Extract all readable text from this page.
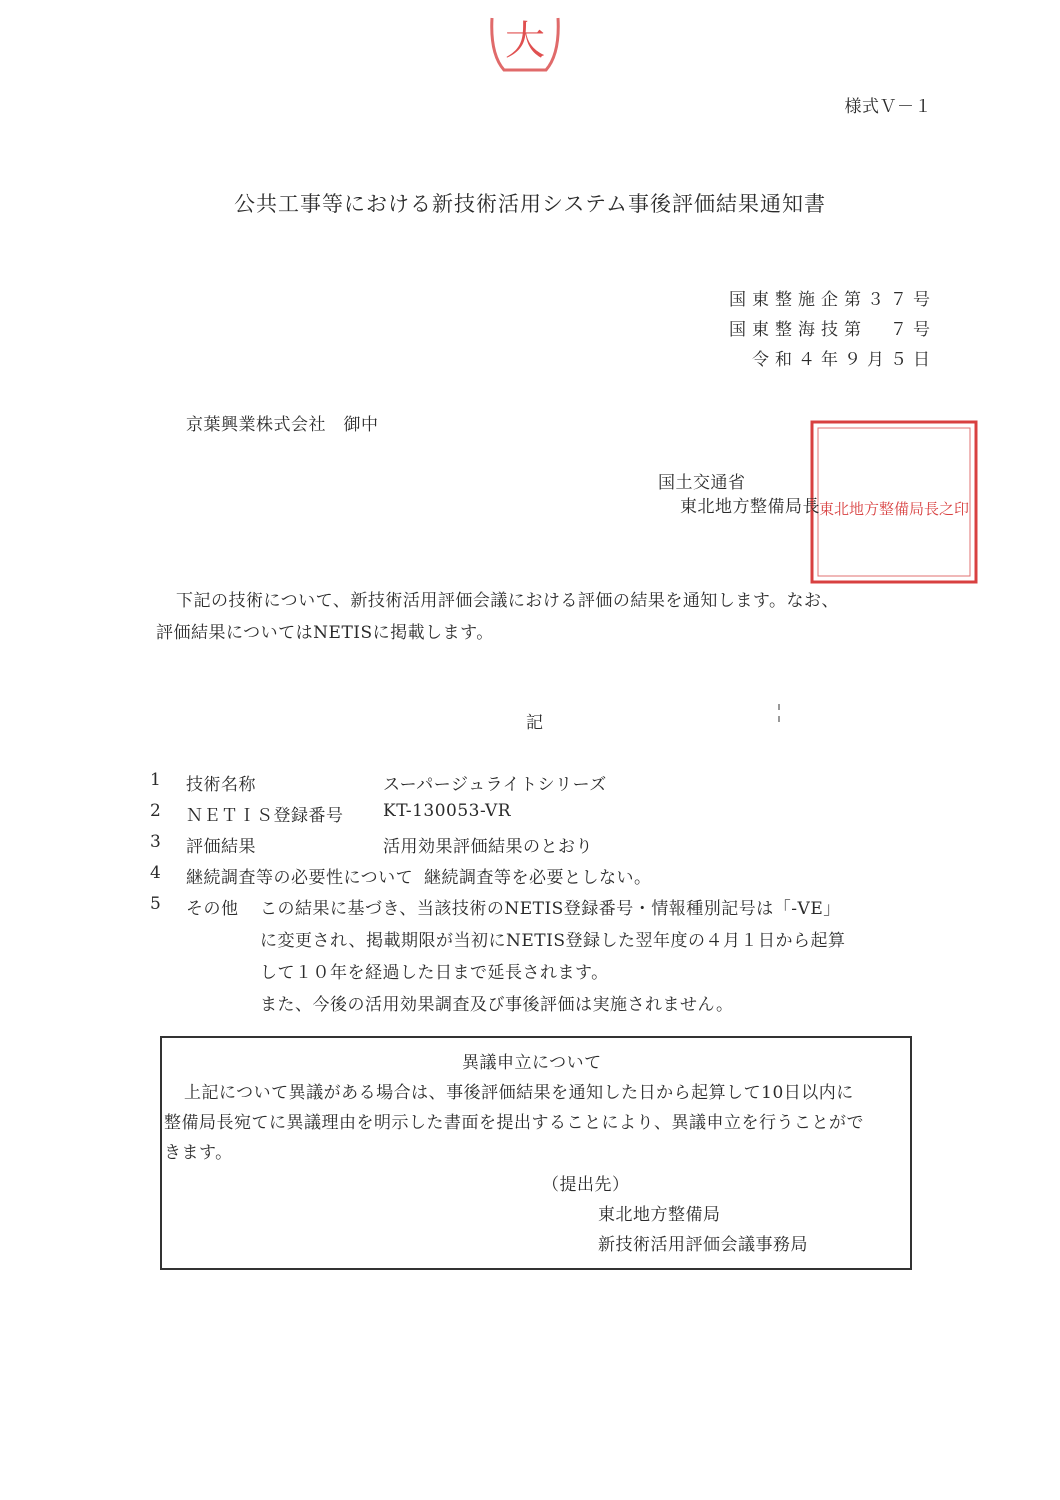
大
様式Ｖ－１
公共工事等における新技術活用システム事後評価結果通知書
国東整施企第３７号
国東整海技第　７号
令和４年９月５日
京葉興業株式会社　御中
東北地方整備局長之印
国土交通省
東北地方整備局長
下記の技術について、新技術活用評価会議における評価の結果を通知します。なお、
評価結果についてはNETISに掲載します。
記
1 技術名称	スーパージュライトシリーズ
2 ＮＥＴＩＳ登録番号 KT-130053-VR
3 評価結果	活用効果評価結果のとおり
4 継続調査等の必要性について 継続調査等を必要としない。
5 その他 この結果に基づき、当該技術のNETIS登録番号・情報種別記号は「-VE」
に変更され、掲載期限が当初にNETIS登録した翌年度の４月１日から起算
して１０年を経過した日まで延長されます。
また、今後の活用効果調査及び事後評価は実施されません。
異議申立について
上記について異議がある場合は、事後評価結果を通知した日から起算して10日以内に
整備局長宛てに異議理由を明示した書面を提出することにより、異議申立を行うことがで
きます。
（提出先）
東北地方整備局
新技術活用評価会議事務局
